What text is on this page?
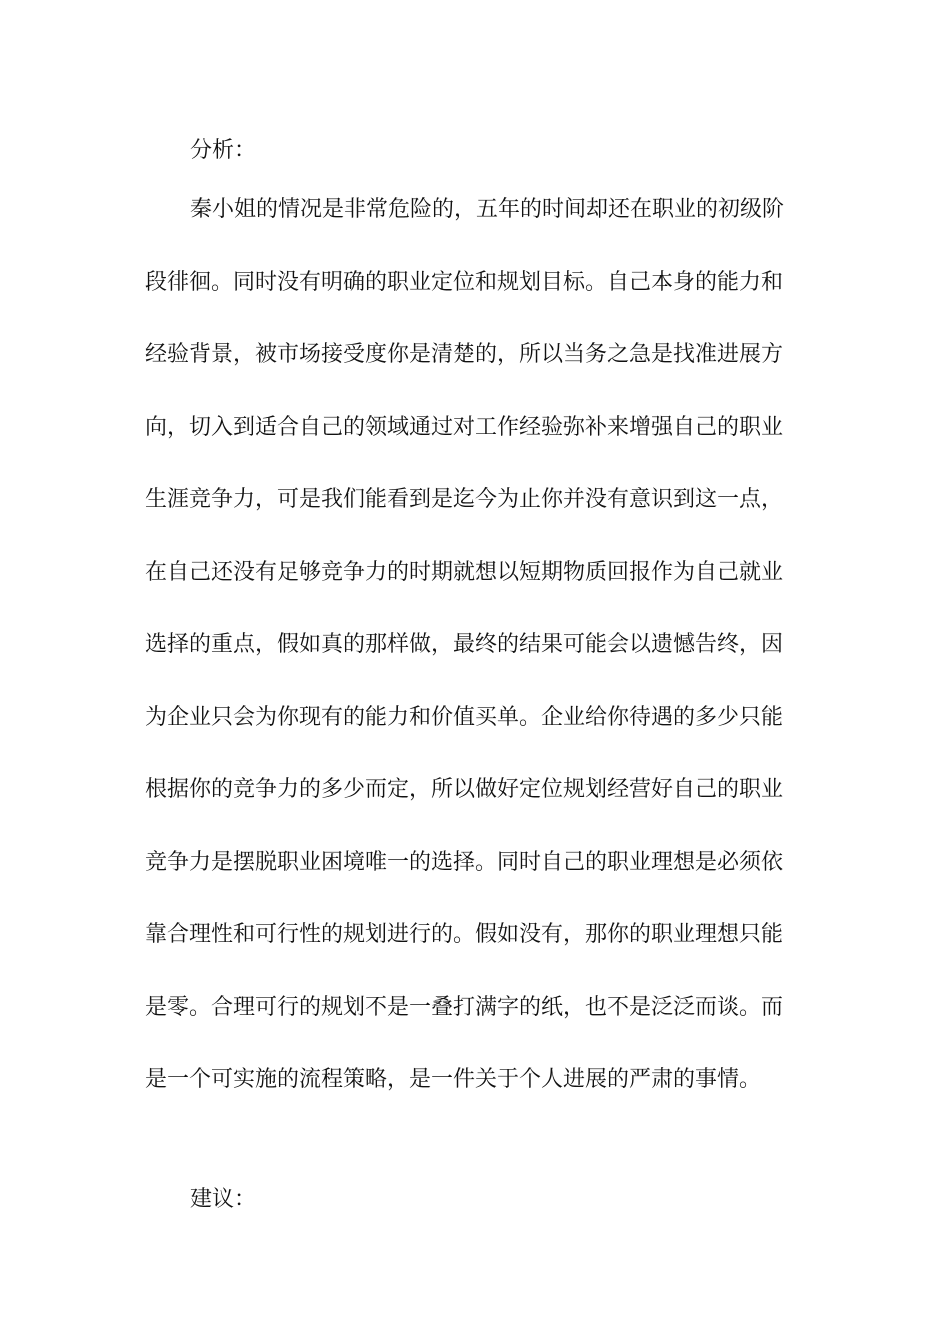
分析：
秦小姐的情况是非常危险的，五年的时间却还在职业的初级阶
段徘徊。同时没有明确的职业定位和规划目标。自己本身的能力和
经验背景，被市场接受度你是清楚的，所以当务之急是找准进展方
向，切入到适合自己的领域通过对工作经验弥补来增强自己的职业
生涯竞争力，可是我们能看到是迄今为止你并没有意识到这一点，
在自己还没有足够竞争力的时期就想以短期物质回报作为自己就业
选择的重点，假如真的那样做，最终的结果可能会以遗憾告终，因
为企业只会为你现有的能力和价值买单。企业给你待遇的多少只能
根据你的竞争力的多少而定，所以做好定位规划经营好自己的职业
竞争力是摆脱职业困境唯一的选择。同时自己的职业理想是必须依
靠合理性和可行性的规划进行的。假如没有，那你的职业理想只能
是零。合理可行的规划不是一叠打满字的纸，也不是泛泛而谈。而
是一个可实施的流程策略，是一件关于个人进展的严肃的事情。
建议：
